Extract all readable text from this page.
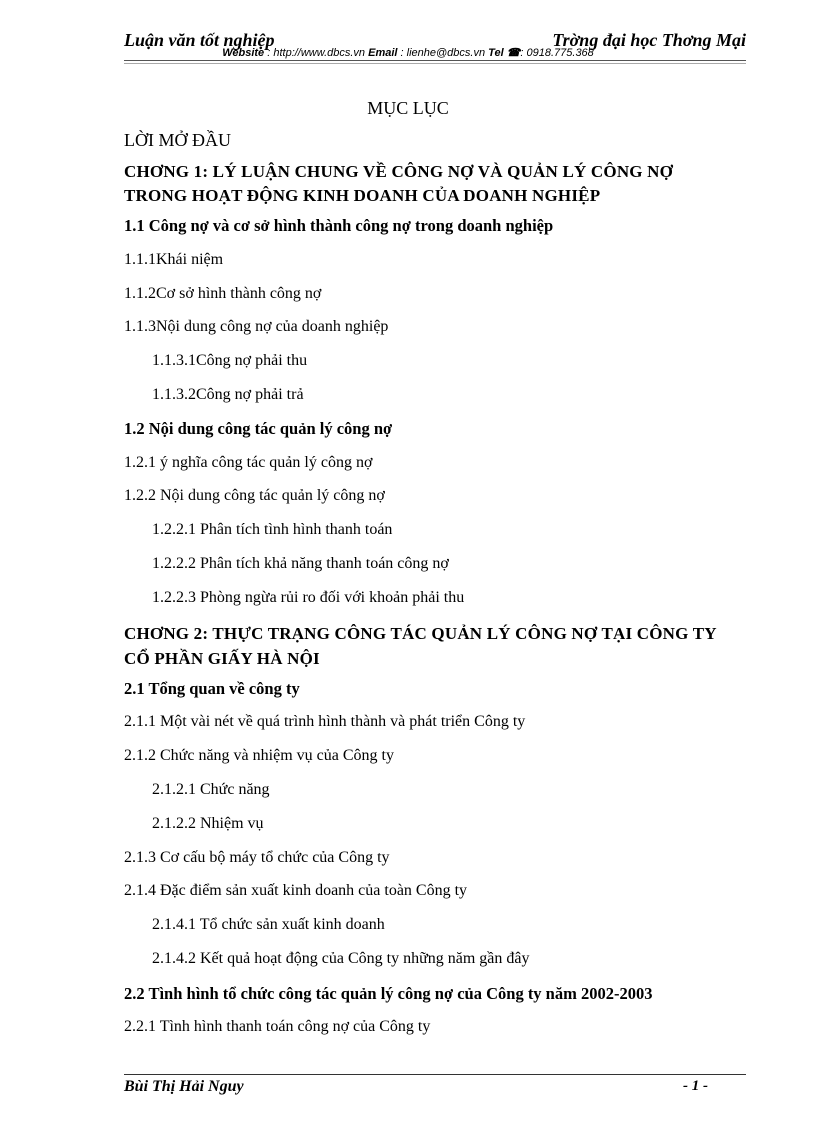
Luận văn tốt nghiệp	Trờng đại học Thơng Mại
Website : http://www.dbcs.vn Email : lienhe@dbcs.vn Tel ☎: 0918.775.368
MỤC LỤC
LỜI MỞ ĐẦU
CHƠNG 1: LÝ LUẬN CHUNG VỀ CÔNG NỢ VÀ QUẢN LÝ CÔNG NỢ
TRONG HOẠT ĐỘNG KINH DOANH CỦA DOANH NGHIỆP
1.1 Công nợ và cơ sở hình thành công nợ trong doanh nghiệp
1.1.1Khái niệm
1.1.2Cơ sở hình thành công nợ
1.1.3Nội dung công nợ của doanh nghiệp
1.1.3.1Công nợ phải thu
1.1.3.2Công nợ phải trả
1.2 Nội dung công tác quản lý công nợ
1.2.1 ý nghĩa công tác quản lý công nợ
1.2.2 Nội dung công tác quản lý công nợ
1.2.2.1 Phân tích tình hình thanh toán
1.2.2.2 Phân tích khả năng thanh toán công nợ
1.2.2.3 Phòng ngừa rủi ro đối với khoản phải thu
CHƠNG 2: THỰC TRẠNG CÔNG TÁC QUẢN LÝ CÔNG NỢ TẠI CÔNG TY
CỔ PHẦN GIẤY HÀ NỘI
2.1 Tổng quan về công ty
2.1.1 Một vài nét về quá trình hình thành và phát triển Công ty
2.1.2 Chức năng và nhiệm vụ của Công ty
2.1.2.1 Chức năng
2.1.2.2 Nhiệm vụ
2.1.3 Cơ cấu bộ máy tổ chức của Công ty
2.1.4 Đặc điểm sản xuất kinh doanh của toàn Công ty
2.1.4.1 Tổ chức sản xuất kinh doanh
2.1.4.2 Kết quả hoạt động của Công ty những năm gần đây
2.2 Tình hình tổ chức công tác quản lý công nợ của Công ty năm 2002-2003
2.2.1 Tình hình thanh toán công nợ của Công ty
Bùi Thị Hải Nguy	- 1 -
